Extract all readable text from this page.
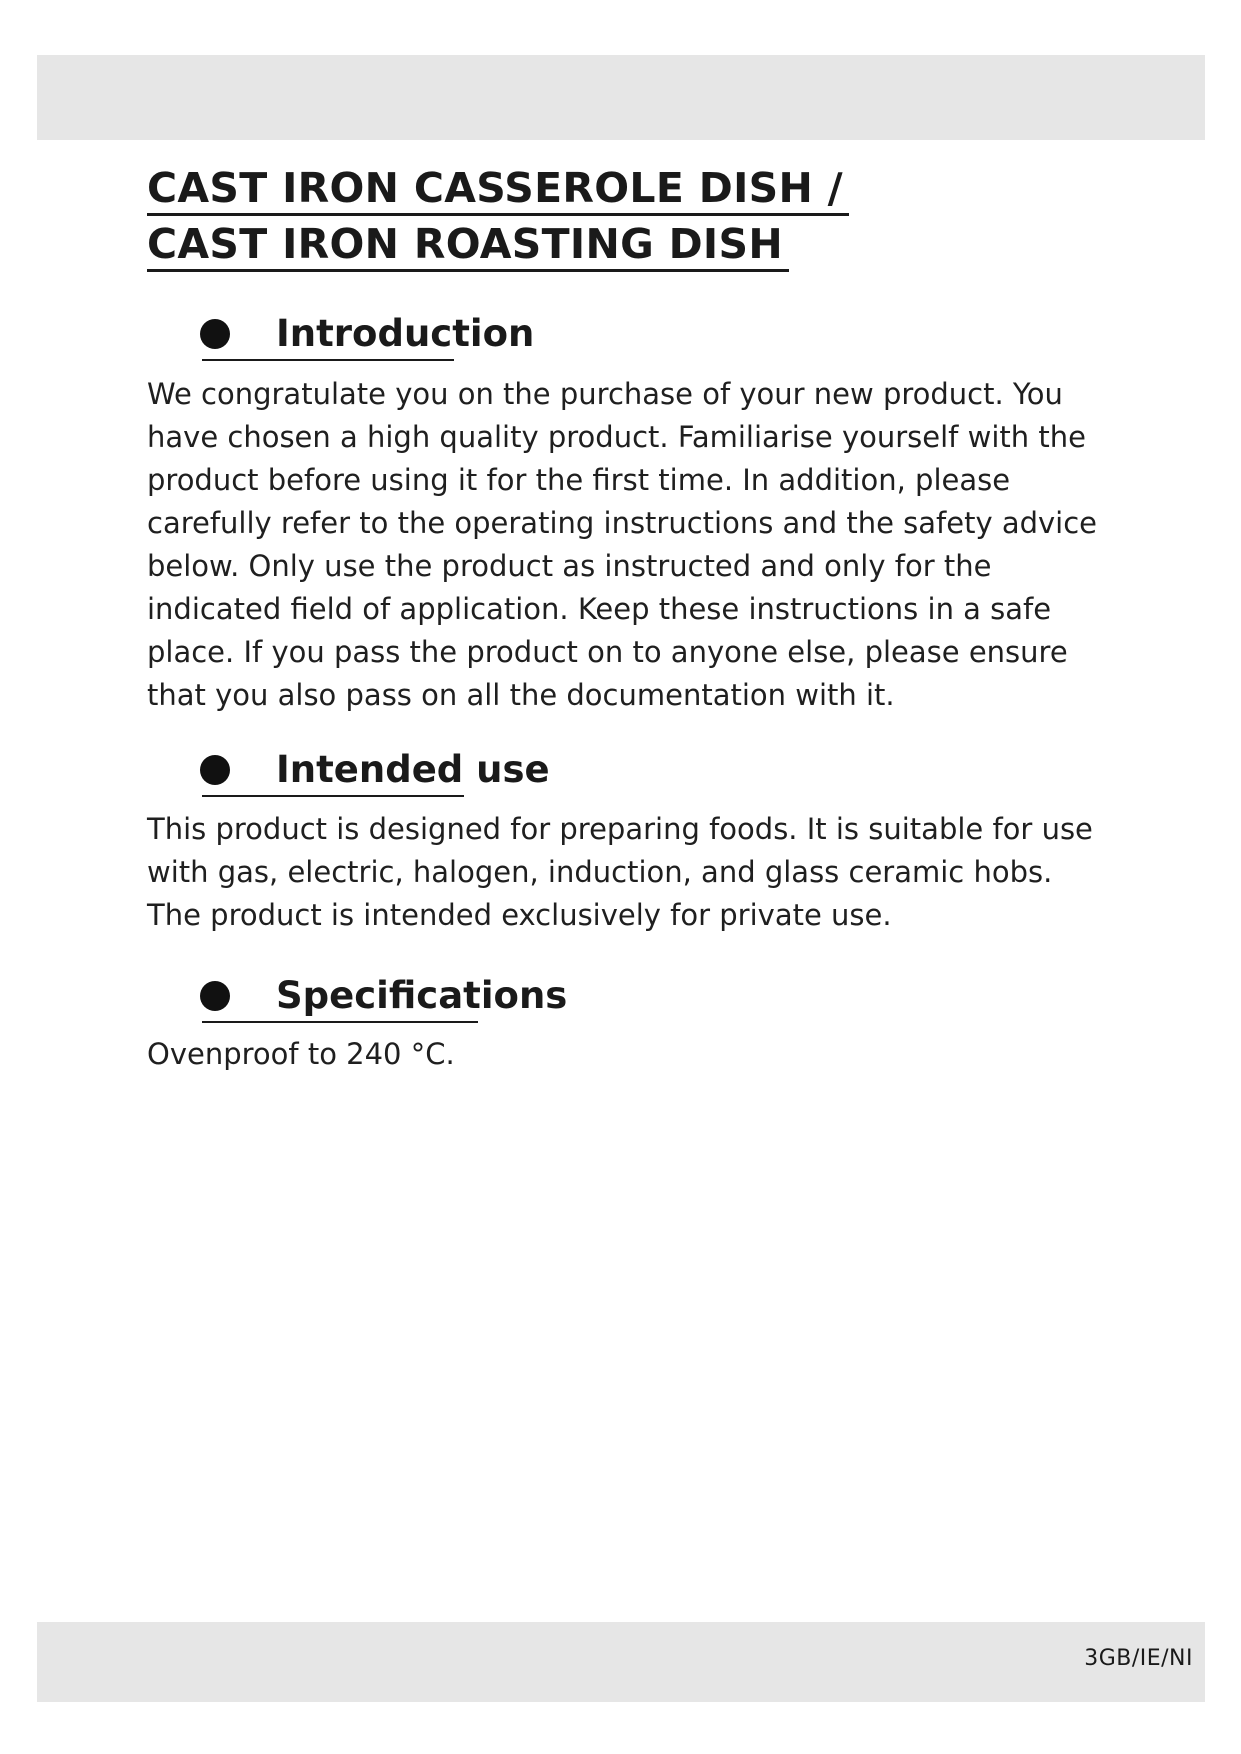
CAST IRON CASSEROLE DISH /
CAST IRON ROASTING DISH
Introduction

We congratulate you on the purchase of your new product. You have chosen a high quality product. Familiarise yourself with the product before using it for the first time. In addition, please carefully refer to the operating instructions and the safety advice below. Only use the product as instructed and only for the indicated field of application. Keep these instructions in a safe place. If you pass the product on to anyone else, please ensure that you also pass on all the documentation with it.

Intended use

This product is designed for preparing foods. It is suitable for use with gas, electric, halogen, induction, and glass ceramic hobs. The product is intended exclusively for private use.

Specifications

Ovenproof to 240 °C.

3GB/IE/NI
